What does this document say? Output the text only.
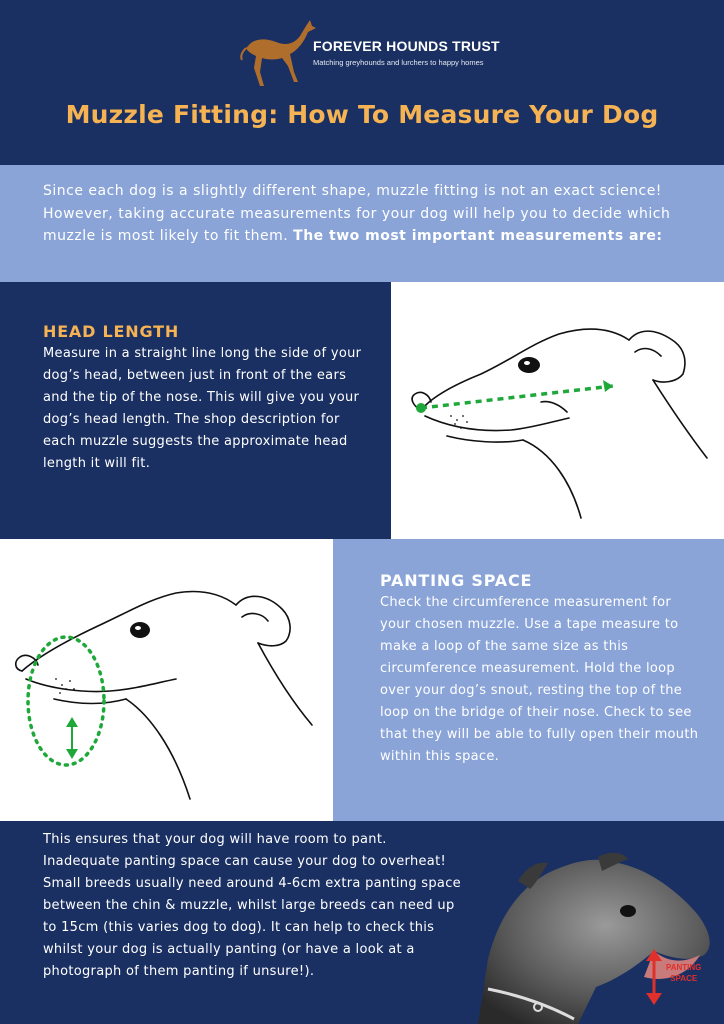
FOREVER HOUNDS TRUST
Matching greyhounds and lurchers to happy homes
Muzzle Fitting: How To Measure Your Dog

Since each dog is a slightly different shape, muzzle fitting is not an exact science! However, taking accurate measurements for your dog will help you to decide which muzzle is most likely to fit them. The two most important measurements are:

HEAD LENGTH

Measure in a straight line long the side of your dog’s head, between just in front of the ears and the tip of the nose. This will give you your dog’s head length. The shop description for each muzzle suggests the approximate head length it will fit.

PANTING SPACE

Check the circumference measurement for your chosen muzzle. Use a tape measure to make a loop of the same size as this circumference measurement. Hold the loop over your dog’s snout, resting the top of the loop on the bridge of their nose. Check to see that they will be able to fully open their mouth within this space.

This ensures that your dog will have room to pant. Inadequate panting space can cause your dog to overheat! Small breeds usually need around 4-6cm extra panting space between the chin & muzzle, whilst large breeds can need up to 15cm (this varies dog to dog). It can help to check this whilst your dog is actually panting (or have a look at a photograph of them panting if unsure!).	PANTING
SPACE
